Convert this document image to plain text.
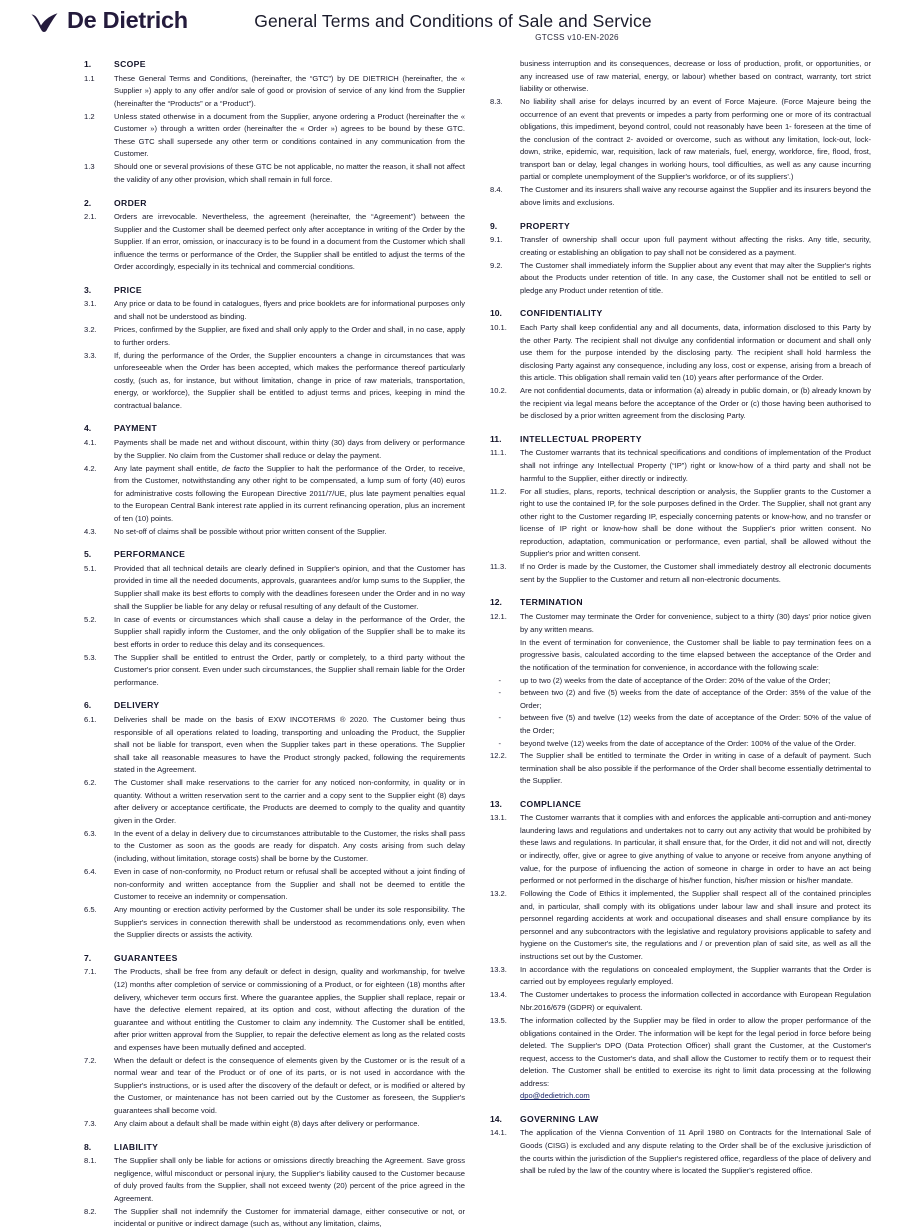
De Dietrich	General Terms and Conditions of Sale and Service
GTCSS v10-EN-2026
1.	SCOPE
1.1	These General Terms and Conditions, (hereinafter, the “GTC”) by DE DIETRICH (hereinafter, the « Supplier ») apply to any offer and/or sale of good or provision of service of any kind from the Supplier (hereinafter the “Products” or a “Product”).
1.2	Unless stated otherwise in a document from the Supplier, anyone ordering a Product (hereinafter the « Customer ») through a written order (hereinafter the « Order ») agrees to be bound by these GTC. These GTC shall supersede any other term or conditions contained in any communication from the Customer.
1.3	Should one or several provisions of these GTC be not applicable, no matter the reason, it shall not affect the validity of any other provision, which shall remain in full force.
2.	ORDER
2.1.	Orders are irrevocable. Nevertheless, the agreement (hereinafter, the “Agreement”) between the Supplier and the Customer shall be deemed perfect only after acceptance in writing of the Order by the Supplier. If an error, omission, or inaccuracy is to be found in a document from the Customer which shall influence the terms or performance of the Order, the Supplier shall be entitled to adjust the terms of the Order accordingly, especially in its technical and commercial conditions.
3.	PRICE
3.1.	Any price or data to be found in catalogues, flyers and price booklets are for informational purposes only and shall not be understood as binding.
3.2.	Prices, confirmed by the Supplier, are fixed and shall only apply to the Order and shall, in no case, apply to further orders.
3.3.	If, during the performance of the Order, the Supplier encounters a change in circumstances that was unforeseeable when the Order has been accepted, which makes the performance thereof particularly costly, (such as, for instance, but without limitation, change in price of raw materials, transportation, energy, or workforce), the Supplier shall be entitled to adjust terms and prices, keeping in mind the contractual balance.
4.	PAYMENT
4.1.	Payments shall be made net and without discount, within thirty (30) days from delivery or performance by the Supplier. No claim from the Customer shall reduce or delay the payment.
4.2.	Any late payment shall entitle, de facto the Supplier to halt the performance of the Order, to receive, from the Customer, notwithstanding any other right to be compensated, a lump sum of forty (40) euros for administrative costs following the European Directive 2011/7/UE, plus late payment penalties equal to the European Central Bank interest rate applied in its current refinancing operation, plus an increment of ten (10) points.
4.3.	No set-off of claims shall be possible without prior written consent of the Supplier.
5.	PERFORMANCE
5.1.	Provided that all technical details are clearly defined in Supplier's opinion, and that the Customer has provided in time all the needed documents, approvals, guarantees and/or lump sums to the Supplier, the Supplier shall make its best efforts to comply with the deadlines foreseen under the Order and in no way shall the Supplier be liable for any delay or refusal resulting of any default of the Customer.
5.2.	In case of events or circumstances which shall cause a delay in the performance of the Order, the Supplier shall rapidly inform the Customer, and the only obligation of the Supplier shall be to make its best efforts in order to reduce this delay and its consequences.
5.3.	The Supplier shall be entitled to entrust the Order, partly or completely, to a third party without the Customer's prior consent. Even under such circumstances, the Supplier shall remain liable for the Order performance.
6.	DELIVERY
6.1.	Deliveries shall be made on the basis of EXW INCOTERMS ® 2020. The Customer being thus responsible of all operations related to loading, transporting and unloading the Product, the Supplier shall not be liable for transport, even when the Supplier takes part in these operations. The Supplier shall take all reasonable measures to have the Product strongly packed, following the requirements stated in the Agreement.
6.2.	The Customer shall make reservations to the carrier for any noticed non-conformity, in quality or in quantity. Without a written reservation sent to the carrier and a copy sent to the Supplier eight (8) days after delivery or acceptance certificate, the Products are deemed to comply to the quality and quantity given in the Order.
6.3.	In the event of a delay in delivery due to circumstances attributable to the Customer, the risks shall pass to the Customer as soon as the goods are ready for dispatch. Any costs arising from such delay (including, without limitation, storage costs) shall be borne by the Customer.
6.4.	Even in case of non-conformity, no Product return or refusal shall be accepted without a joint finding of non-conformity and written acceptance from the Supplier and shall not be deemed to entitle the Customer to receive an indemnity or compensation.
6.5.	Any mounting or erection activity performed by the Customer shall be under its sole responsibility. The Supplier's services in connection therewith shall be understood as recommendations only, even when the Supplier directs or assists the activity.
7.	GUARANTEES
7.1.	The Products, shall be free from any default or defect in design, quality and workmanship, for twelve (12) months after completion of service or commissioning of a Product, or for eighteen (18) months after delivery, whichever term occurs first. Where the guarantee applies, the Supplier shall replace, repair or have the defective element repaired, at its option and cost, without affecting the duration of the guarantee and without entitling the Customer to claim any indemnity. The Customer shall be entitled, after prior written approval from the Supplier, to repair the defective element as long as the related costs and expenses have been mutually defined and accepted.
7.2.	When the default or defect is the consequence of elements given by the Customer or is the result of a normal wear and tear of the Product or of one of its parts, or is not used in accordance with the Supplier's instructions, or is used after the discovery of the default or defect, or is modified or altered by the Customer, or maintenance has not been carried out by the Customer as foreseen, the Supplier's guarantees shall become void.
7.3.	Any claim about a default shall be made within eight (8) days after delivery or performance.
8.	LIABILITY
8.1.	The Supplier shall only be liable for actions or omissions directly breaching the Agreement. Save gross negligence, wilful misconduct or personal injury, the Supplier's liability caused to the Customer because of duly proved faults from the Supplier, shall not exceed twenty (20) percent of the price agreed in the Agreement.
8.2.	The Supplier shall not indemnify the Customer for immaterial damage, either consecutive or not, or incidental or punitive or indirect damage (such as, without any limitation, claims,
business interruption and its consequences, decrease or loss of production, profit, or opportunities, or any increased use of raw material, energy, or labour) whether based on contract, warranty, tort strict liability or otherwise.
8.3.	No liability shall arise for delays incurred by an event of Force Majeure. (Force Majeure being the occurrence of an event that prevents or impedes a party from performing one or more of its contractual obligations, this impediment, beyond control, could not reasonably have been 1- foreseen at the time of the conclusion of the contract 2- avoided or overcome, such as without any limitation, lock-out, lock-down, strike, epidemic, war, requisition, lack of raw materials, fuel, energy, workforce, fire, flood, frost, transport ban or delay, legal changes in working hours, tool difficulties, as well as any cause incurring partial or complete unemployment of the Supplier's workforce, or of its suppliers'.)
8.4.	The Customer and its insurers shall waive any recourse against the Supplier and its insurers beyond the above limits and exclusions.
9.	PROPERTY
9.1.	Transfer of ownership shall occur upon full payment without affecting the risks. Any title, security, creating or establishing an obligation to pay shall not be considered as a payment.
9.2.	The Customer shall immediately inform the Supplier about any event that may alter the Supplier's rights about the Products under retention of title. In any case, the Customer shall not be entitled to sell or pledge any Product under retention of title.
10.	CONFIDENTIALITY
10.1.	Each Party shall keep confidential any and all documents, data, information disclosed to this Party by the other Party. The recipient shall not divulge any confidential information or document and shall only use them for the purpose intended by the disclosing party. The recipient shall hold harmless the disclosing Party against any consequence, including any loss, cost or expense, arising from a breach of this article. This obligation shall remain valid ten (10) years after performance of the Order.
10.2.	Are not confidential documents, data or information (a) already in public domain, or (b) already known by the recipient via legal means before the acceptance of the Order or (c) those having been authorised to be disclosed by a prior written agreement from the disclosing Party.
11.	INTELLECTUAL PROPERTY
11.1.	The Customer warrants that its technical specifications and conditions of implementation of the Product shall not infringe any Intellectual Property (“IP”) right or know-how of a third party and shall not be harmful to the Supplier, either directly or indirectly.
11.2.	For all studies, plans, reports, technical description or analysis, the Supplier grants to the Customer a right to use the contained IP, for the sole purposes defined in the Order. The Supplier, shall not grant any other right to the Customer regarding IP, especially concerning patents or know-how, and no transfer or license of IP right or know-how shall be done without the Supplier's prior written consent. No reproduction, adaptation, communication or performance, even partial, shall be allowed without the Supplier's prior and written consent.
11.3.	If no Order is made by the Customer, the Customer shall immediately destroy all electronic documents sent by the Supplier to the Customer and return all non-electronic documents.
12.	TERMINATION
12.1.	The Customer may terminate the Order for convenience, subject to a thirty (30) days' prior notice given by any written means.
In the event of termination for convenience, the Customer shall be liable to pay termination fees on a progressive basis, calculated according to the time elapsed between the acceptance of the Order and the notification of the termination for convenience, in accordance with the following scale:
-	up to two (2) weeks from the date of acceptance of the Order: 20% of the value of the Order;
-	between two (2) and five (5) weeks from the date of acceptance of the Order: 35% of the value of the Order;
-	between five (5) and twelve (12) weeks from the date of acceptance of the Order: 50% of the value of the Order;
-	beyond twelve (12) weeks from the date of acceptance of the Order: 100% of the value of the Order.
12.2.	The Supplier shall be entitled to terminate the Order in writing in case of a default of payment. Such termination shall be also possible if the performance of the Order shall become essentially detrimental to the Supplier.
13.	COMPLIANCE
13.1.	The Customer warrants that it complies with and enforces the applicable anti-corruption and anti-money laundering laws and regulations and undertakes not to carry out any activity that would be prohibited by these laws and regulations. In particular, it shall ensure that, for the Order, it did not and will not, directly or indirectly, offer, give or agree to give anything of value to anyone or receive from anyone anything of value, for the purpose of influencing the action of someone in charge in order to have an act being performed or not performed in the discharge of his/her function, his/her mission or his/her mandate.
13.2.	Following the Code of Ethics it implemented, the Supplier shall respect all of the contained principles and, in particular, shall comply with its obligations under labour law and shall insure and protect its personnel regarding accidents at work and occupational diseases and shall ensure compliance by its personnel and any subcontractors with the legislative and regulatory provisions applicable to safety and hygiene on the Customer's site, the regulations and / or prevention plan of said site, as well as all the instructions set out by the Customer.
13.3.	In accordance with the regulations on concealed employment, the Supplier warrants that the Order is carried out by employees regularly employed.
13.4.	The Customer undertakes to process the information collected in accordance with European Regulation Nbr.2016/679 (GDPR) or equivalent.
13.5.	The information collected by the Supplier may be filed in order to allow the proper performance of the obligations contained in the Order. The information will be kept for the legal period in force before being deleted. The Supplier's DPO (Data Protection Officer) shall grant the Customer, at the Customer's request, access to the Customer's data, and shall allow the Customer to rectify them or to request their deletion. The Customer shall be entitled to exercise its right to limit data processing at the following address:
dpo@dedietrich.com
14.	GOVERNING LAW
14.1.	The application of the Vienna Convention of 11 April 1980 on Contracts for the International Sale of Goods (CISG) is excluded and any dispute relating to the Order shall be of the exclusive jurisdiction of the courts within the jurisdiction of the Supplier's registered office, regardless of the place of delivery and shall be ruled by the law of the country where is located the Supplier's registered office.
